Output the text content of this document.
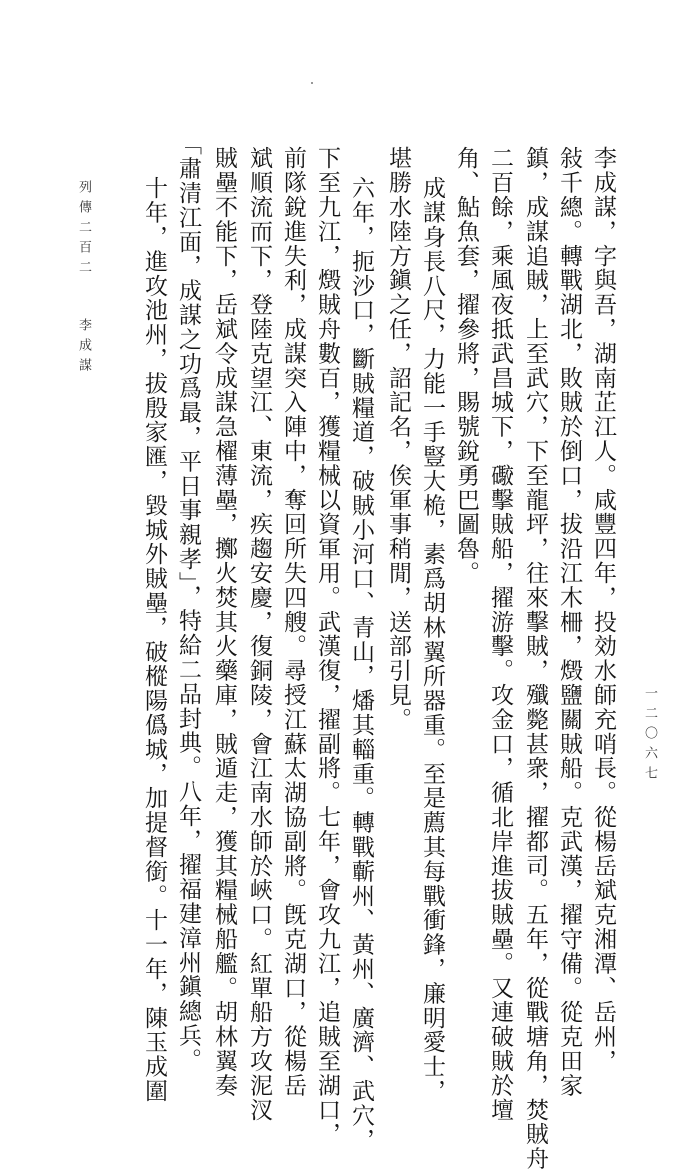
列傳二百二
李成謀
一二〇六七
李成謀，字與吾，湖南芷江人。咸豐四年，投効水師充哨長。從楊岳斌克湘潭、岳州，
敍千總。轉戰湖北，敗賊於倒口，拔沿江木柵，燬鹽關賊船。克武漢，擢守備。從克田家
鎮，成謀追賊，上至武穴，下至龍坪，往來擊賊，殲斃甚衆，擢都司。五年，從戰塘角，焚賊舟
二百餘，乘風夜抵武昌城下，礮擊賊船，擢游擊。攻金口，循北岸進拔賊壘。又連破賊於壇
角、鮎魚套，擢參將，賜號銳勇巴圖魯。
成謀身長八尺，力能一手豎大桅，素爲胡林翼所器重。至是薦其每戰衝鋒，廉明愛士，
堪勝水陸方鎭之任，詔記名，俟軍事稍閒，送部引見。
六年，扼沙口，斷賊糧道，破賊小河口、青山，燔其輜重。轉戰蘄州、黃州、廣濟、武穴，
下至九江，燬賊舟數百，獲糧械以資軍用。武漢復，擢副將。七年，會攻九江，追賊至湖口，
前隊銳進失利，成謀突入陣中，奪回所失四艘。尋授江蘇太湖協副將。旣克湖口，從楊岳
斌順流而下，登陸克望江、東流，疾趨安慶，復銅陵，會江南水師於峽口。紅單船方攻泥汊
賊壘不能下，岳斌令成謀急櫂薄壘，擲火焚其火藥庫，賊遁走，獲其糧械船艦。胡林翼奏
「肅清江面，成謀之功爲最，平日事親孝」，特給二品封典。八年，擢福建漳州鎭總兵。
十年，進攻池州，拔殷家匯，毀城外賊壘，破樅陽僞城，加提督銜。十一年，陳玉成圍
